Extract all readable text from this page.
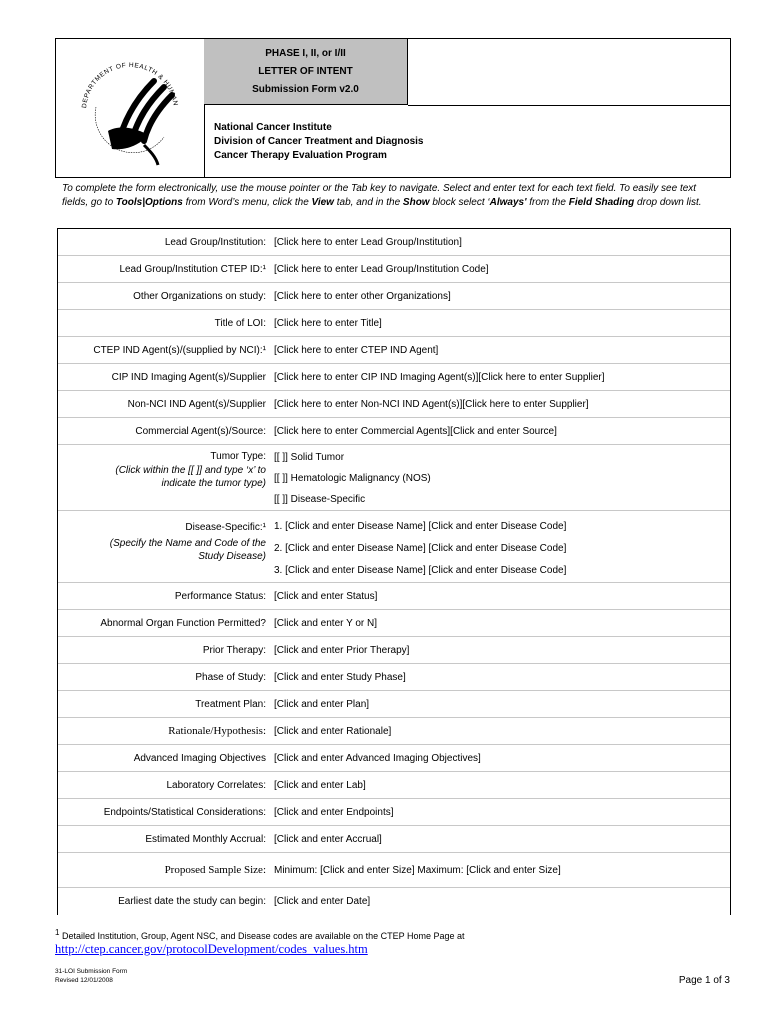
DEPARTMENT OF HEALTH & HUMAN
PHASE I, II, or I/II
LETTER OF INTENT
Submission Form v2.0
National Cancer Institute
Division of Cancer Treatment and Diagnosis
Cancer Therapy Evaluation Program
To complete the form electronically, use the mouse pointer or the Tab key to navigate. Select and enter text for each text field. To easily see text fields, go to Tools|Options from Word’s menu, click the View tab, and in the Show block select ‘Always' from the Field Shading drop down list.
Lead Group/Institution: [Click here to enter Lead Group/Institution]
Lead Group/Institution CTEP ID:¹ [Click here to enter Lead Group/Institution Code]
Other Organizations on study: [Click here to enter other Organizations]
Title of LOI: [Click here to enter Title]
CTEP IND Agent(s)/(supplied by NCI):¹ [Click here to enter CTEP IND Agent]
CIP IND Imaging Agent(s)/Supplier [Click here to enter CIP IND Imaging Agent(s)][Click here to enter Supplier]
Non-NCI IND Agent(s)/Supplier [Click here to enter Non-NCI IND Agent(s)][Click here to enter Supplier]
Commercial Agent(s)/Source: [Click here to enter Commercial Agents][Click and enter Source]
Tumor Type:
(Click within the [[ ]] and type ‘x’ to indicate the tumor type)
[[ ]] Solid Tumor
[[ ]] Hematologic Malignancy (NOS)
[[ ]] Disease-Specific
Disease-Specific:¹
(Specify the Name and Code of the Study Disease)
1. [Click and enter Disease Name] [Click and enter Disease Code]
2. [Click and enter Disease Name] [Click and enter Disease Code]
3. [Click and enter Disease Name] [Click and enter Disease Code]
Performance Status: [Click and enter Status]
Abnormal Organ Function Permitted? [Click and enter Y or N]
Prior Therapy: [Click and enter Prior Therapy]
Phase of Study: [Click and enter Study Phase]
Treatment Plan: [Click and enter Plan]
Rationale/Hypothesis: [Click and enter Rationale]
Advanced Imaging Objectives [Click and enter Advanced Imaging Objectives]
Laboratory Correlates: [Click and enter Lab]
Endpoints/Statistical Considerations: [Click and enter Endpoints]
Estimated Monthly Accrual: [Click and enter Accrual]
Proposed Sample Size: Minimum: [Click and enter Size] Maximum: [Click and enter Size]
Earliest date the study can begin: [Click and enter Date]
$^1$ Detailed Institution, Group, Agent NSC, and Disease codes are available on the CTEP Home Page at
http://ctep.cancer.gov/protocolDevelopment/codes_values.htm
31-LOI Submission Form
Revised 12/01/2008	Page 1 of 3
